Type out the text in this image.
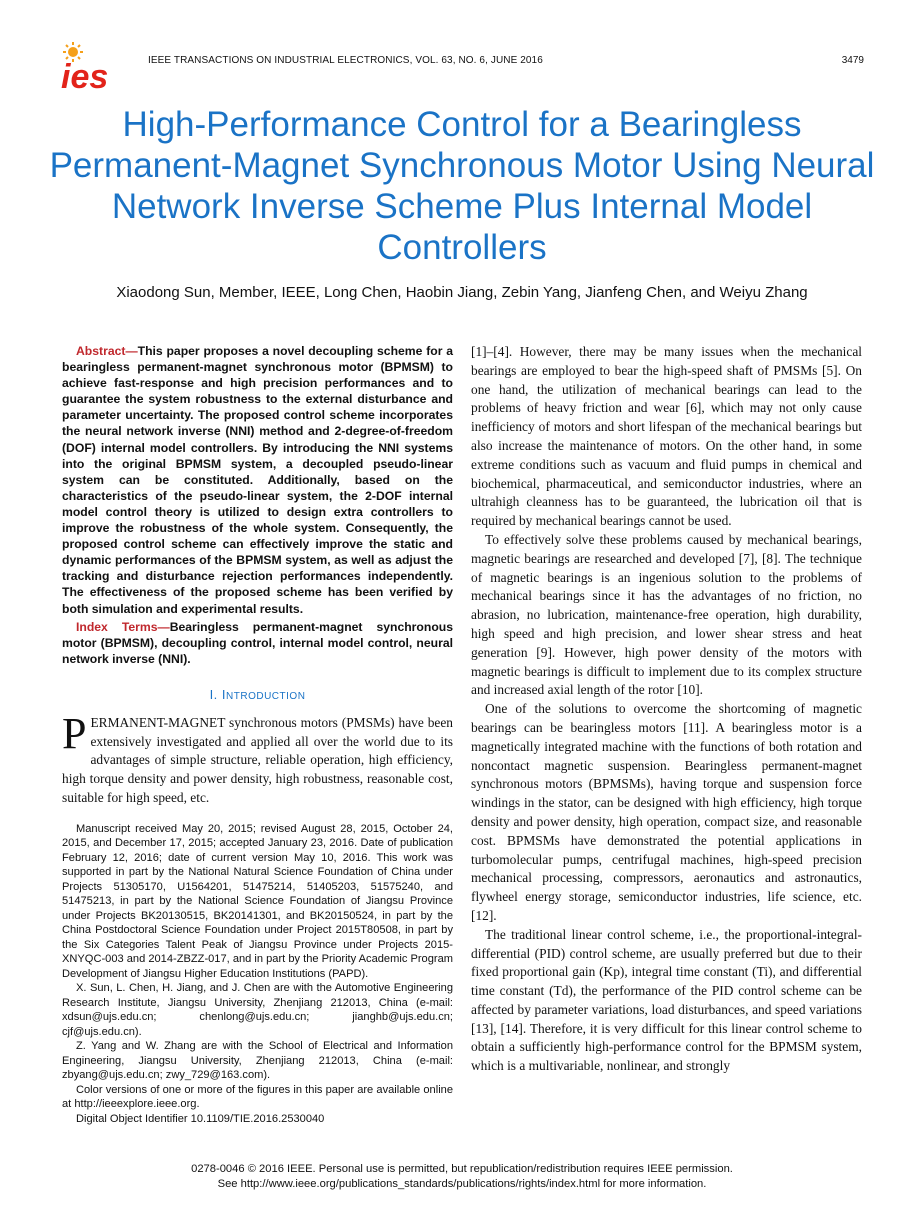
ies	IEEE TRANSACTIONS ON INDUSTRIAL ELECTRONICS, VOL. 63, NO. 6, JUNE 2016	3479
High-Performance Control for a Bearingless Permanent-Magnet Synchronous Motor Using Neural Network Inverse Scheme Plus Internal Model Controllers
Xiaodong Sun, Member, IEEE, Long Chen, Haobin Jiang, Zebin Yang, Jianfeng Chen, and Weiyu Zhang

Abstract—This paper proposes a novel decoupling scheme for a bearingless permanent-magnet synchronous motor (BPMSM) to achieve fast-response and high precision performances and to guarantee the system robustness to the external disturbance and parameter uncertainty. The proposed control scheme incorporates the neural network inverse (NNI) method and 2-degree-of-freedom (DOF) internal model controllers. By introducing the NNI systems into the original BPMSM system, a decoupled pseudo-linear system can be constituted. Additionally, based on the characteristics of the pseudo-linear system, the 2-DOF internal model control theory is utilized to design extra controllers to improve the robustness of the whole system. Consequently, the proposed control scheme can effectively improve the static and dynamic performances of the BPMSM system, as well as adjust the tracking and disturbance rejection performances independently. The effectiveness of the proposed scheme has been verified by both simulation and experimental results.

Index Terms—Bearingless permanent-magnet synchronous motor (BPMSM), decoupling control, internal model control, neural network inverse (NNI).

I. INTRODUCTION

PERMANENT-MAGNET synchronous motors (PMSMs) have been extensively investigated and applied all over the world due to its advantages of simple structure, reliable operation, high efficiency, high torque density and power density, high robustness, reasonable cost, suitable for high speed, etc.

Manuscript received May 20, 2015; revised August 28, 2015, October 24, 2015, and December 17, 2015; accepted January 23, 2016. Date of publication February 12, 2016; date of current version May 10, 2016. This work was supported in part by the National Natural Science Foundation of China under Projects 51305170, U1564201, 51475214, 51405203, 51575240, and 51475213, in part by the National Science Foundation of Jiangsu Province under Projects BK20130515, BK20141301, and BK20150524, in part by the China Postdoctoral Science Foundation under Project 2015T80508, in part by the Six Categories Talent Peak of Jiangsu Province under Projects 2015-XNYQC-003 and 2014-ZBZZ-017, and in part by the Priority Academic Program Development of Jiangsu Higher Education Institutions (PAPD).

X. Sun, L. Chen, H. Jiang, and J. Chen are with the Automotive Engineering Research Institute, Jiangsu University, Zhenjiang 212013, China (e-mail: xdsun@ujs.edu.cn; chenlong@ujs.edu.cn; jianghb@ujs.edu.cn; cjf@ujs.edu.cn).

Z. Yang and W. Zhang are with the School of Electrical and Information Engineering, Jiangsu University, Zhenjiang 212013, China (e-mail: zbyang@ujs.edu.cn; zwy_729@163.com).

Color versions of one or more of the figures in this paper are available online at http://ieeexplore.ieee.org.

Digital Object Identifier 10.1109/TIE.2016.2530040

[1]–[4]. However, there may be many issues when the mechanical bearings are employed to bear the high-speed shaft of PMSMs [5]. On one hand, the utilization of mechanical bearings can lead to the problems of heavy friction and wear [6], which may not only cause inefficiency of motors and short lifespan of the mechanical bearings but also increase the maintenance of motors. On the other hand, in some extreme conditions such as vacuum and fluid pumps in chemical and biochemical, pharmaceutical, and semiconductor industries, where an ultrahigh cleanness has to be guaranteed, the lubrication oil that is required by mechanical bearings cannot be used.

To effectively solve these problems caused by mechanical bearings, magnetic bearings are researched and developed [7], [8]. The technique of magnetic bearings is an ingenious solution to the problems of mechanical bearings since it has the advantages of no friction, no abrasion, no lubrication, maintenance-free operation, high durability, high speed and high precision, and lower shear stress and heat generation [9]. However, high power density of the motors with magnetic bearings is difficult to implement due to its complex structure and increased axial length of the rotor [10].

One of the solutions to overcome the shortcoming of magnetic bearings can be bearingless motors [11]. A bearingless motor is a magnetically integrated machine with the functions of both rotation and noncontact magnetic suspension. Bearingless permanent-magnet synchronous motors (BPMSMs), having torque and suspension force windings in the stator, can be designed with high efficiency, high torque density and power density, high operation, compact size, and reasonable cost. BPMSMs have demonstrated the potential applications in turbomolecular pumps, centrifugal machines, high-speed precision mechanical processing, compressors, aeronautics and astronautics, flywheel energy storage, semiconductor industries, life science, etc. [12].

The traditional linear control scheme, i.e., the proportional-integral-differential (PID) control scheme, are usually preferred but due to their fixed proportional gain (Kp), integral time constant (Ti), and differential time constant (Td), the performance of the PID control scheme can be affected by parameter variations, load disturbances, and speed variations [13], [14]. Therefore, it is very difficult for this linear control scheme to obtain a sufficiently high-performance control for the BPMSM system, which is a multivariable, nonlinear, and strongly

0278-0046 © 2016 IEEE. Personal use is permitted, but republication/redistribution requires IEEE permission.
See http://www.ieee.org/publications_standards/publications/rights/index.html for more information.
